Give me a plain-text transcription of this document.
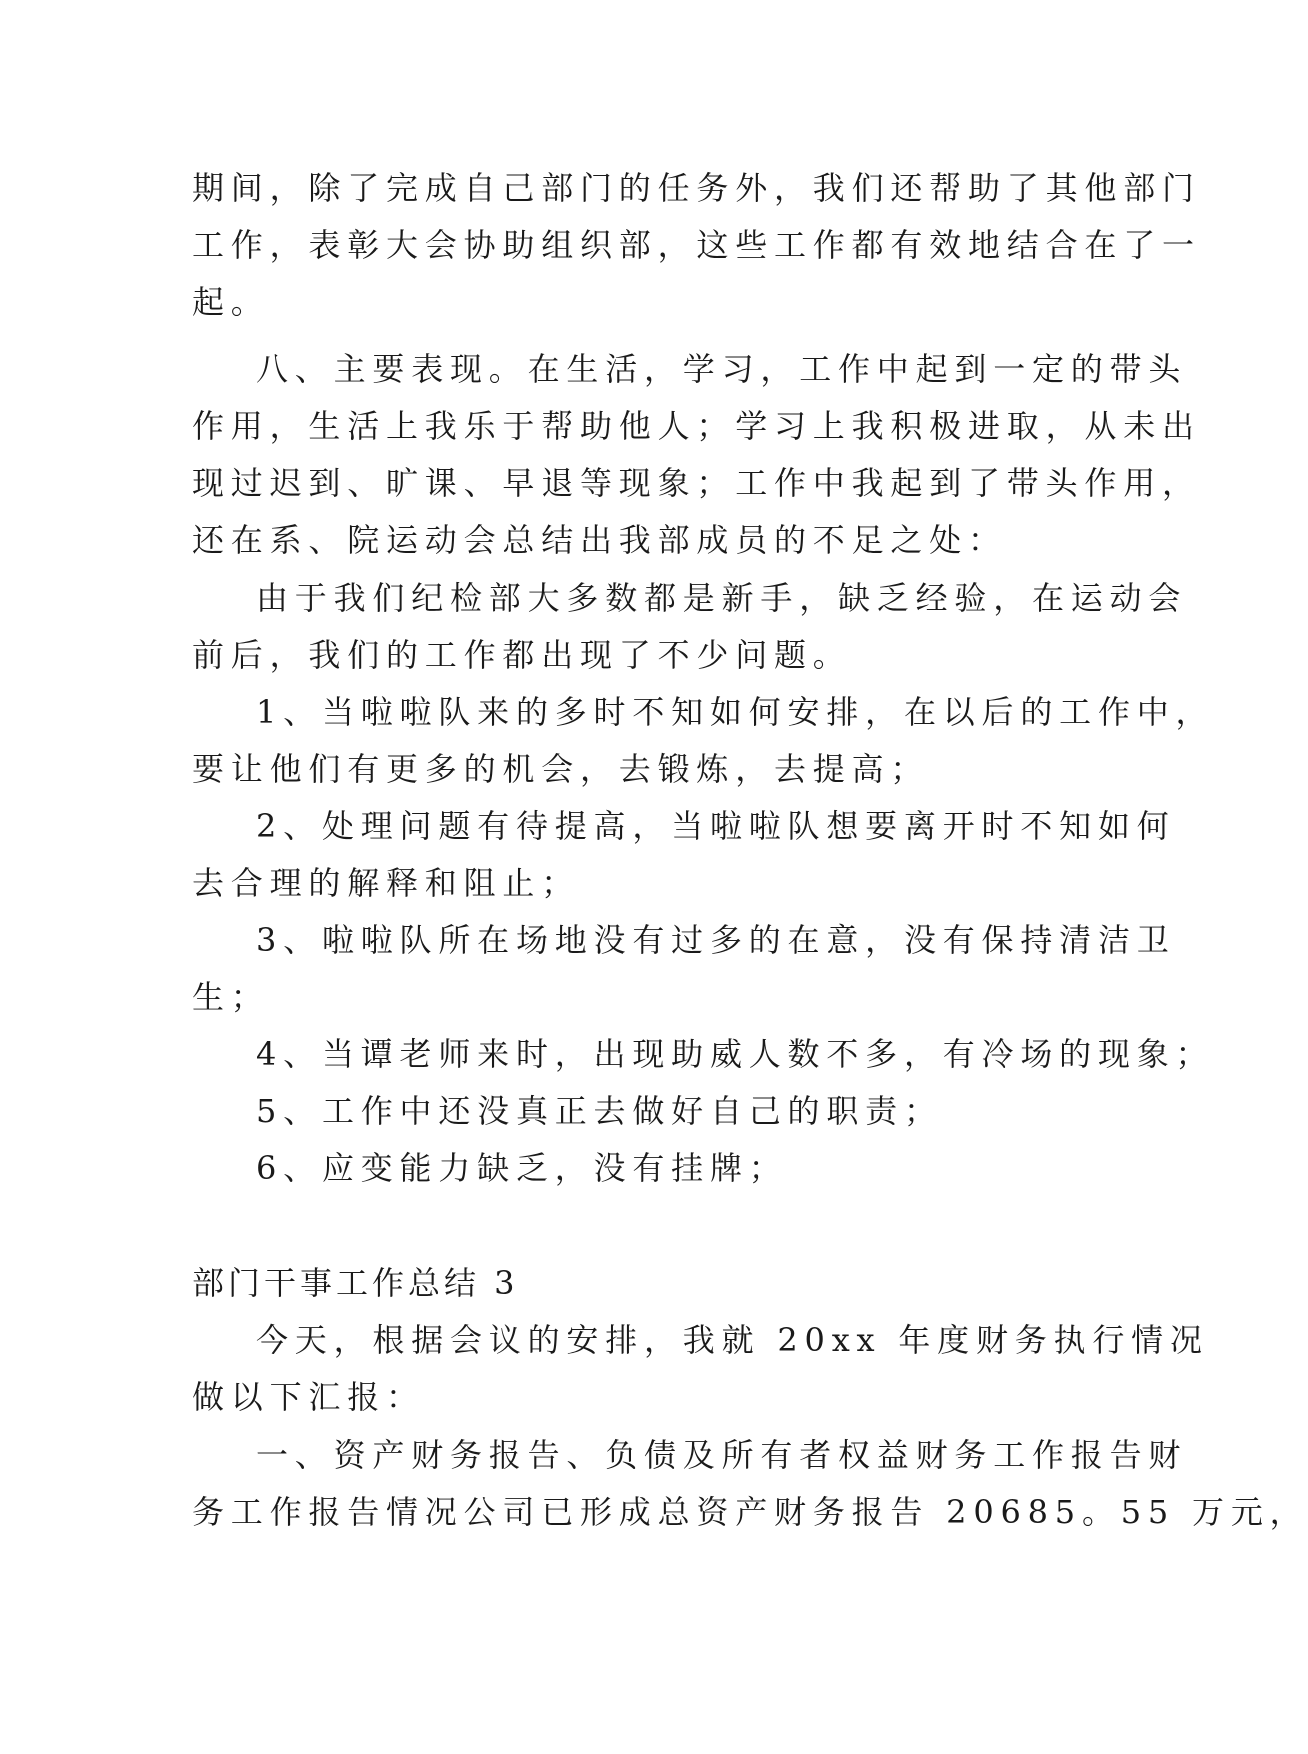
期间，除了完成自己部门的任务外，我们还帮助了其他部门
工作，表彰大会协助组织部，这些工作都有效地结合在了一
起。
八、主要表现。在生活，学习，工作中起到一定的带头
作用，生活上我乐于帮助他人；学习上我积极进取，从未出
现过迟到、旷课、早退等现象；工作中我起到了带头作用，
还在系、院运动会总结出我部成员的不足之处：
由于我们纪检部大多数都是新手，缺乏经验，在运动会
前后，我们的工作都出现了不少问题。
1、当啦啦队来的多时不知如何安排，在以后的工作中，
要让他们有更多的机会，去锻炼，去提高；
2、处理问题有待提高，当啦啦队想要离开时不知如何
去合理的解释和阻止；
3、啦啦队所在场地没有过多的在意，没有保持清洁卫
生；
4、当谭老师来时，出现助威人数不多，有冷场的现象；
5、工作中还没真正去做好自己的职责；
6、应变能力缺乏，没有挂牌；
部门干事工作总结 3
今天，根据会议的安排，我就 20xx 年度财务执行情况
做以下汇报：
一、资产财务报告、负债及所有者权益财务工作报告财
务工作报告情况公司已形成总资产财务报告 20685。55 万元，
